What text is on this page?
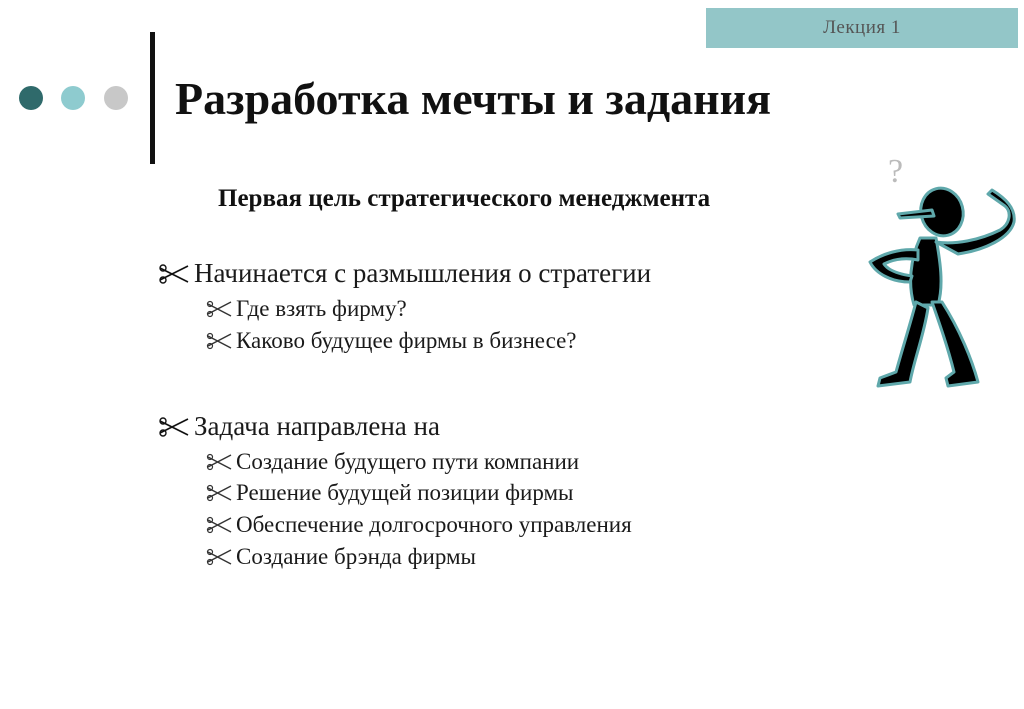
Лекция 1
Разработка мечты и задания
Первая цель стратегического менеджмента
Начинается с размышления о стратегии
Где взять фирму?
Каково будущее фирмы в бизнесе?
Задача направлена на
Создание будущего пути компании
Решение будущей позиции фирмы
Обеспечение долгосрочного управления
Создание брэнда фирмы
?
